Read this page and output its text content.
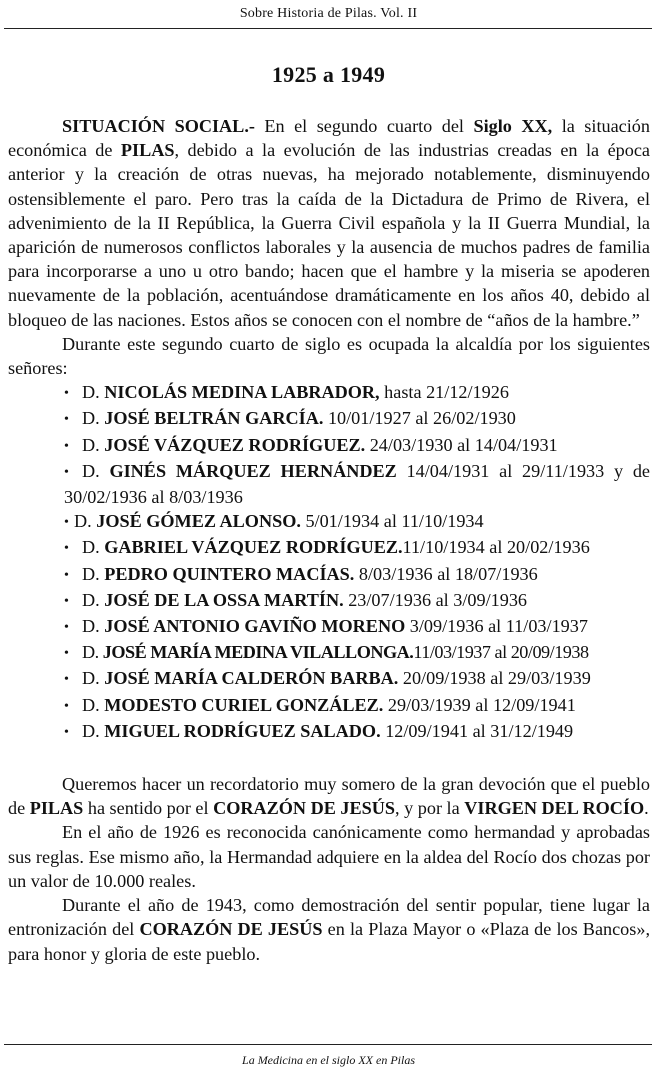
Sobre Historia de Pilas. Vol. II
1925 a 1949

SITUACIÓN SOCIAL.- En el segundo cuarto del Siglo XX, la situación económica de PILAS, debido a la evolución de las industrias creadas en la época anterior y la creación de otras nuevas, ha mejorado notablemente, disminuyendo ostensiblemente el paro. Pero tras la caída de la Dictadura de Primo de Rivera, el advenimiento de la II República, la Guerra Civil española y la II Guerra Mundial, la aparición de numerosos conflictos laborales y la ausencia de muchos padres de familia para incorporarse a uno u otro bando; hacen que el hambre y la miseria se apoderen nuevamente de la población, acentuándose dramáticamente en los años 40, debido al bloqueo de las naciones. Estos años se conocen con el nombre de “años de la hambre.”

Durante este segundo cuarto de siglo es ocupada la alcaldía por los siguientes señores:

• D. NICOLÁS MEDINA LABRADOR, hasta 21/12/1926
• D. JOSÉ BELTRÁN GARCÍA. 10/01/1927 al 26/02/1930
• D. JOSÉ VÁZQUEZ RODRÍGUEZ. 24/03/1930 al 14/04/1931
• D. GINÉS MÁRQUEZ HERNÁNDEZ 14/04/1931 al 29/11/1933 y de 30/02/1936 al 8/03/1936
• D. JOSÉ GÓMEZ ALONSO. 5/01/1934 al 11/10/1934
• D. GABRIEL VÁZQUEZ RODRÍGUEZ.11/10/1934 al 20/02/1936
• D. PEDRO QUINTERO MACÍAS. 8/03/1936 al 18/07/1936
• D. JOSÉ DE LA OSSA MARTÍN. 23/07/1936 al 3/09/1936
• D. JOSÉ ANTONIO GAVIÑO MORENO 3/09/1936 al 11/03/1937
• D. JOSÉ MARÍA MEDINA VILALLONGA.11/03/1937 al 20/09/1938
• D. JOSÉ MARÍA CALDERÓN BARBA. 20/09/1938 al 29/03/1939
• D. MODESTO CURIEL GONZÁLEZ. 29/03/1939 al 12/09/1941
• D. MIGUEL RODRÍGUEZ SALADO. 12/09/1941 al 31/12/1949

Queremos hacer un recordatorio muy somero de la gran devoción que el pueblo de PILAS ha sentido por el CORAZÓN DE JESÚS, y por la VIRGEN DEL ROCÍO.

En el año de 1926 es reconocida canónicamente como hermandad y aprobadas sus reglas. Ese mismo año, la Hermandad adquiere en la aldea del Rocío dos chozas por un valor de 10.000 reales.

Durante el año de 1943, como demostración del sentir popular, tiene lugar la entronización del CORAZÓN DE JESÚS en la Plaza Mayor o «Plaza de los Bancos», para honor y gloria de este pueblo.

La Medicina en el siglo XX en Pilas
